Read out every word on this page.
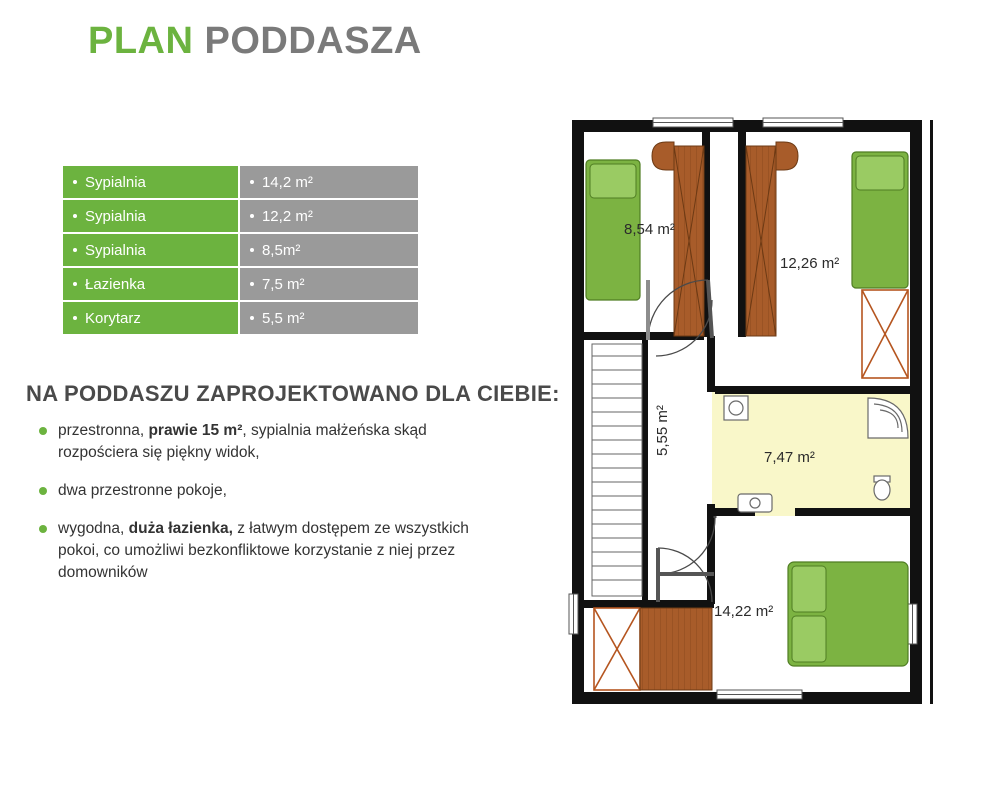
PLAN PODDASZA
Sypialnia	14,2 m²
Sypialnia	12,2 m²
Sypialnia	8,5m²
Łazienka	7,5 m²
Korytarz	5,5 m²
NA PODDASZU ZAPROJEKTOWANO DLA CIEBIE:
przestronna, prawie 15 m², sypialnia małżeńska skąd rozpościera się piękny widok,
dwa przestronne pokoje,
wygodna, duża łazienka, z łatwym dostępem ze wszystkich pokoi, co umożliwi bezkonfliktowe korzystanie z niej przez domowników
8,54 m²
12,26 m²
5,55 m²
7,47 m²
14,22 m²
